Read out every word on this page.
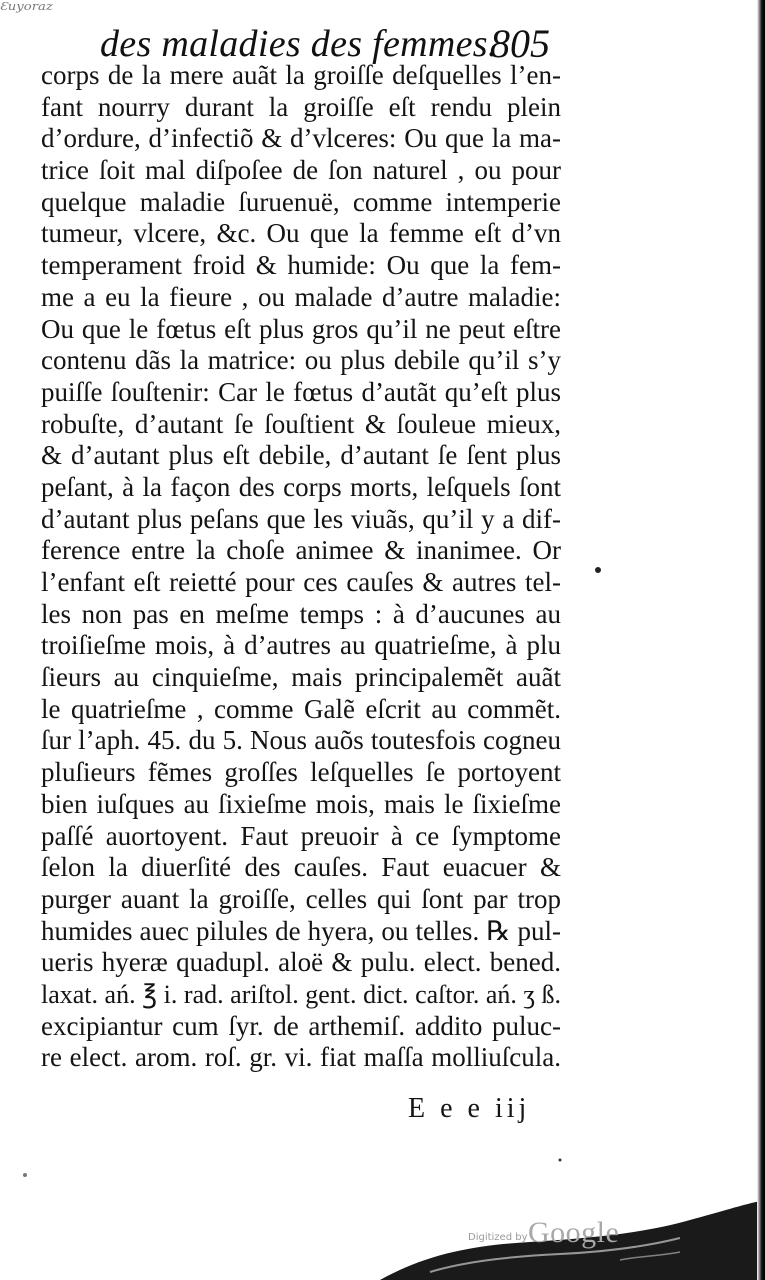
Ɛuyoraz
des maladies des femmes.
805
corps de la mere auãt la groiſſe deſquelles l’en-
fant nourry durant la groiſſe eſt rendu plein
d’ordure, d’infectiõ & d’vlceres: Ou que la ma-
trice ſoit mal diſpoſee de ſon naturel , ou pour
quelque maladie ſuruenuë, comme intemperie
tumeur, vlcere, &c. Ou que la femme eſt d’vn
temperament froid & humide: Ou que la fem-
me a eu la fieure , ou malade d’autre maladie:
Ou que le fœtus eſt plus gros qu’il ne peut eſtre
contenu dãs la matrice: ou plus debile qu’il s’y
puiſſe ſouſtenir: Car le fœtus d’autãt qu’eſt plus
robuſte, d’autant ſe ſouſtient & ſouleue mieux,
& d’autant plus eſt debile, d’autant ſe ſent plus
peſant, à la façon des corps morts, leſquels ſont
d’autant plus peſans que les viuãs, qu’il y a dif-
ference entre la choſe animee & inanimee. Or
l’enfant eſt reietté pour ces cauſes & autres tel-
les non pas en meſme temps : à d’aucunes au
troiſieſme mois, à d’autres au quatrieſme, à plu
ſieurs au cinquieſme, mais principalemẽt auãt
le quatrieſme , comme Galẽ eſcrit au commẽt.
ſur l’aph. 45. du 5. Nous auõs toutesfois cogneu
pluſieurs fẽmes groſſes leſquelles ſe portoyent
bien iuſques au ſixieſme mois, mais le ſixieſme
paſſé auortoyent. Faut preuoir à ce ſymptome
ſelon la diuerſité des cauſes. Faut euacuer &
purger auant la groiſſe, celles qui ſont par trop
humides auec pilules de hyera, ou telles. ℞ pul-
ueris hyeræ quadupl. aloë & pulu. elect. bened.
laxat. ań. ℥ i. rad. ariſtol. gent. dict. caſtor. ań. ʒ ß.
excipiantur cum ſyr. de arthemiſ. addito puluc-
re elect. arom. roſ. gr. vi. fiat maſſa molliuſcula.
E e e iij
Digitized by Google
